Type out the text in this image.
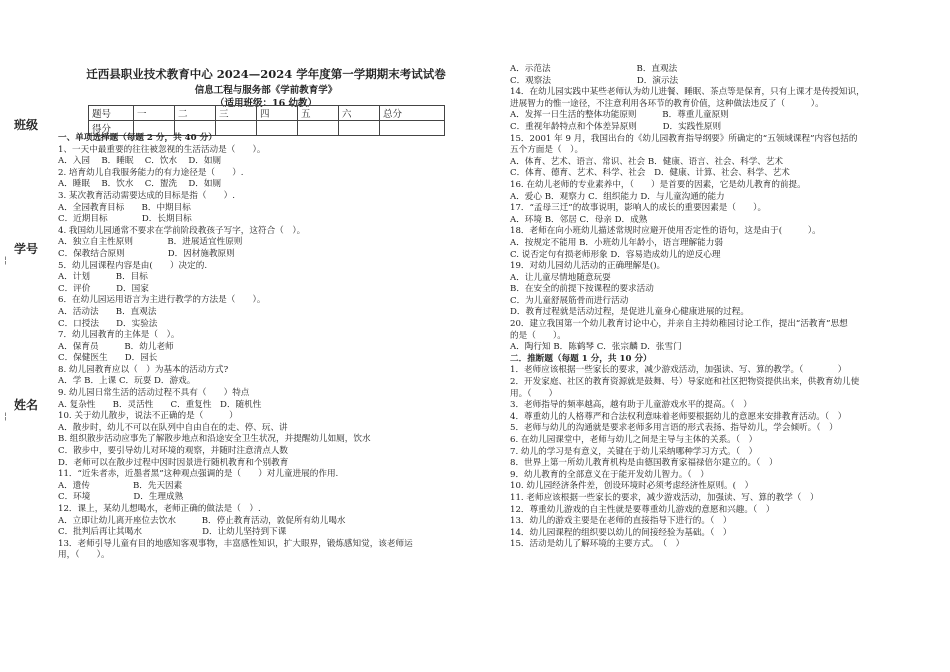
班级
学号
¦
姓名
¦
迁西县职业技术教育中心 2024—2024 学年度第一学期期末考试试卷
信息工程与服务部《学前教育学》
（适用班级：16 幼教）
题号	一	二	三	四	五	六	总分
得分							

一、单项选择题（每题 2 分，共 40 分）

1、一天中最重要的往往被忽视的生活活动是（　　）。

A．入园　 B．睡眠　 C．饮水　 D．如厕

2. 培育幼儿自我服务能力的有力途径是（　　）.

A．睡眠　 B．饮水　 C．盥洗　 D．如厕

3. 某次教育活动需要达成的目标是指（　　）.

A．全园教育目标　　B．中期目标

C．近期目标　　　　D．长期目标

4. 我国幼儿园通常不要求在学前阶段教孩子写字，这符合（　）。

A．独立自主性原则　　　　B．进展适宜性原则

C．保教结合原则　　　　　D．因材施教原则

5．幼儿园课程内容是由(　　）决定的.

A．计划　　　B．目标

C．评价　　　D．国家

6．在幼儿园运用语言为主进行教学的方法是（　　）。

A．活动法　　B．直观法

C．口授法　　D．实验法

7．幼儿园教育的主体是（　）。

A．保育员　　　B．幼儿老师

C．保健医生　　D．园长

8. 幼儿园教育应以（　）为基本的活动方式?

A．学 B．上课 C．玩耍 D．游戏。

9. 幼儿园日常生活的活动过程不具有（　　）特点

A. 复杂性　　B．灵活性　　C．重复性　D．随机性

10. 关于幼儿散步，说法不正确的是（　　　）

A．散步时，幼儿不可以在队列中自由自在的走、停、玩、讲

B. 组织散步活动应事先了解散步地点和沿途安全卫生状况，并提醒幼儿如厕，饮水

C．散步中，要引导幼儿对环境的观察，并随时注意清点人数

D．老师可以在散步过程中因时因景进行随机教育和个别教育

11．“近朱者赤，近墨者黑”这种观点强调的是（　　）对儿童进展的作用.

A．遗传　　　　　B．先天因素

C．环境　　　　　D．生理成熟

12．课上，某幼儿想喝水，老师正确的做法是（　）.

A．立即让幼儿离开座位去饮水　　　B．停止教育活动，敦促所有幼儿喝水

C．批判后再让其喝水　　　　　　　D．让幼儿坚持到下课

13．老师引导儿童有目的地感知客观事物，丰富感性知识，扩大眼界，锻炼感知觉，该老师运

用，（　　）。

A．示范法　　　　　　　　　　B．直观法

C．观察法　　　　　　　　　　D．演示法

14．在幼儿园实践中某些老师认为幼儿进餐、睡眠、茶点等是保育，只有上课才是传授知识，

进展智力的惟一途径，不注意利用各环节的教育价值，这种做法违反了（　　　）。

A．发挥一日生活的整体功能原则　　　B．尊重儿童原则

C．重视年龄特点和个体差异原则　　　D．实践性原则

15．2001 年 9 月，我国出台的《幼儿园教育指导纲要》所确定的“五领域课程”内容包括的

五个方面是（　）。

A．体育、艺术、语言、常识、社会 B．健康、语言、社会、科学、艺术

C．体育、德育、艺术、科学、社会　D．健康、计算、社会、科学、艺术

16. 在幼儿老师的专业素养中，（　　）是首要的因素，它是幼儿教育的前提。

A．爱心 B．观察力 C．组织能力 D．与儿童沟通的能力

17．“孟母三迁”的故事说明，影响人的成长的重要因素是（　　）。

A．环境 B．邻居 C．母亲 D．成熟

18．老师在向小班幼儿描述常规时应避开使用否定性的语句，这是由于(　　　）。

A．按规定不能用 B．小班幼儿年龄小，语言理解能力弱

C. 说否定句有损老师形象 D．容易造成幼儿的逆反心理

19．对幼儿园幼儿活动的正确理解是()。

A．让儿童尽情地随意玩耍

B．在安全的前提下按课程的要求活动

C．为儿童舒展筋骨而进行活动

D．教育过程就是活动过程，是促进儿童身心健康进展的过程。

20．建立我国第一个幼儿教育讨论中心，并亲自主持幼稚园讨论工作，提出“活教育”思想

的是（　　）。

A．陶行知 B．陈鹤琴 C．张宗麟 D．张雪门

二．推断题（每题 1 分，共 10 分）

1．老师应该根据一些家长的要求，减少游戏活动，加强读、写、算的教学。（　　　　）

2．开发家庭、社区的教育资源就是鼓舞、号）导家庭和社区把物资提供出来，供教育幼儿使

用。（　　）

3．老师指导的频率越高，越有助于儿童游戏水平的提高。（　）

4．尊重幼儿的人格尊严和合法权利意味着老师要根据幼儿的意愿来安排教育活动。（　）

5．老师与幼儿的沟通就是要求老师多用言语的形式表扬、指导幼儿，学会倾听。（　）

6. 在幼儿园课堂中，老师与幼儿之间是主导与主体的关系。（　）

7. 幼儿的学习是有意义，关键在于幼儿采纳哪种学习方式。（　）

8．世界上第一所幼儿教育机构是由德国教育家福禄倍尔建立的。（　）

9．幼儿教育的全部意义在于能开发幼儿智力。（　）

10. 幼儿园经济条件差，创设环境时必须考虑经济性原则。(　）

11. 老师应该根据一些家长的要求，减少游戏活动，加强读、写、算的教学（　）

12．尊重幼儿游戏的自主性就是要尊重幼儿游戏的意愿和兴趣。（　）

13．幼儿的游戏主要是在老师的直接指导下进行的。（　）

14．幼儿园课程的组织要以幼儿的间接经验为基础。（　）

15．活动是幼儿了解环境的主要方式。　（　）
